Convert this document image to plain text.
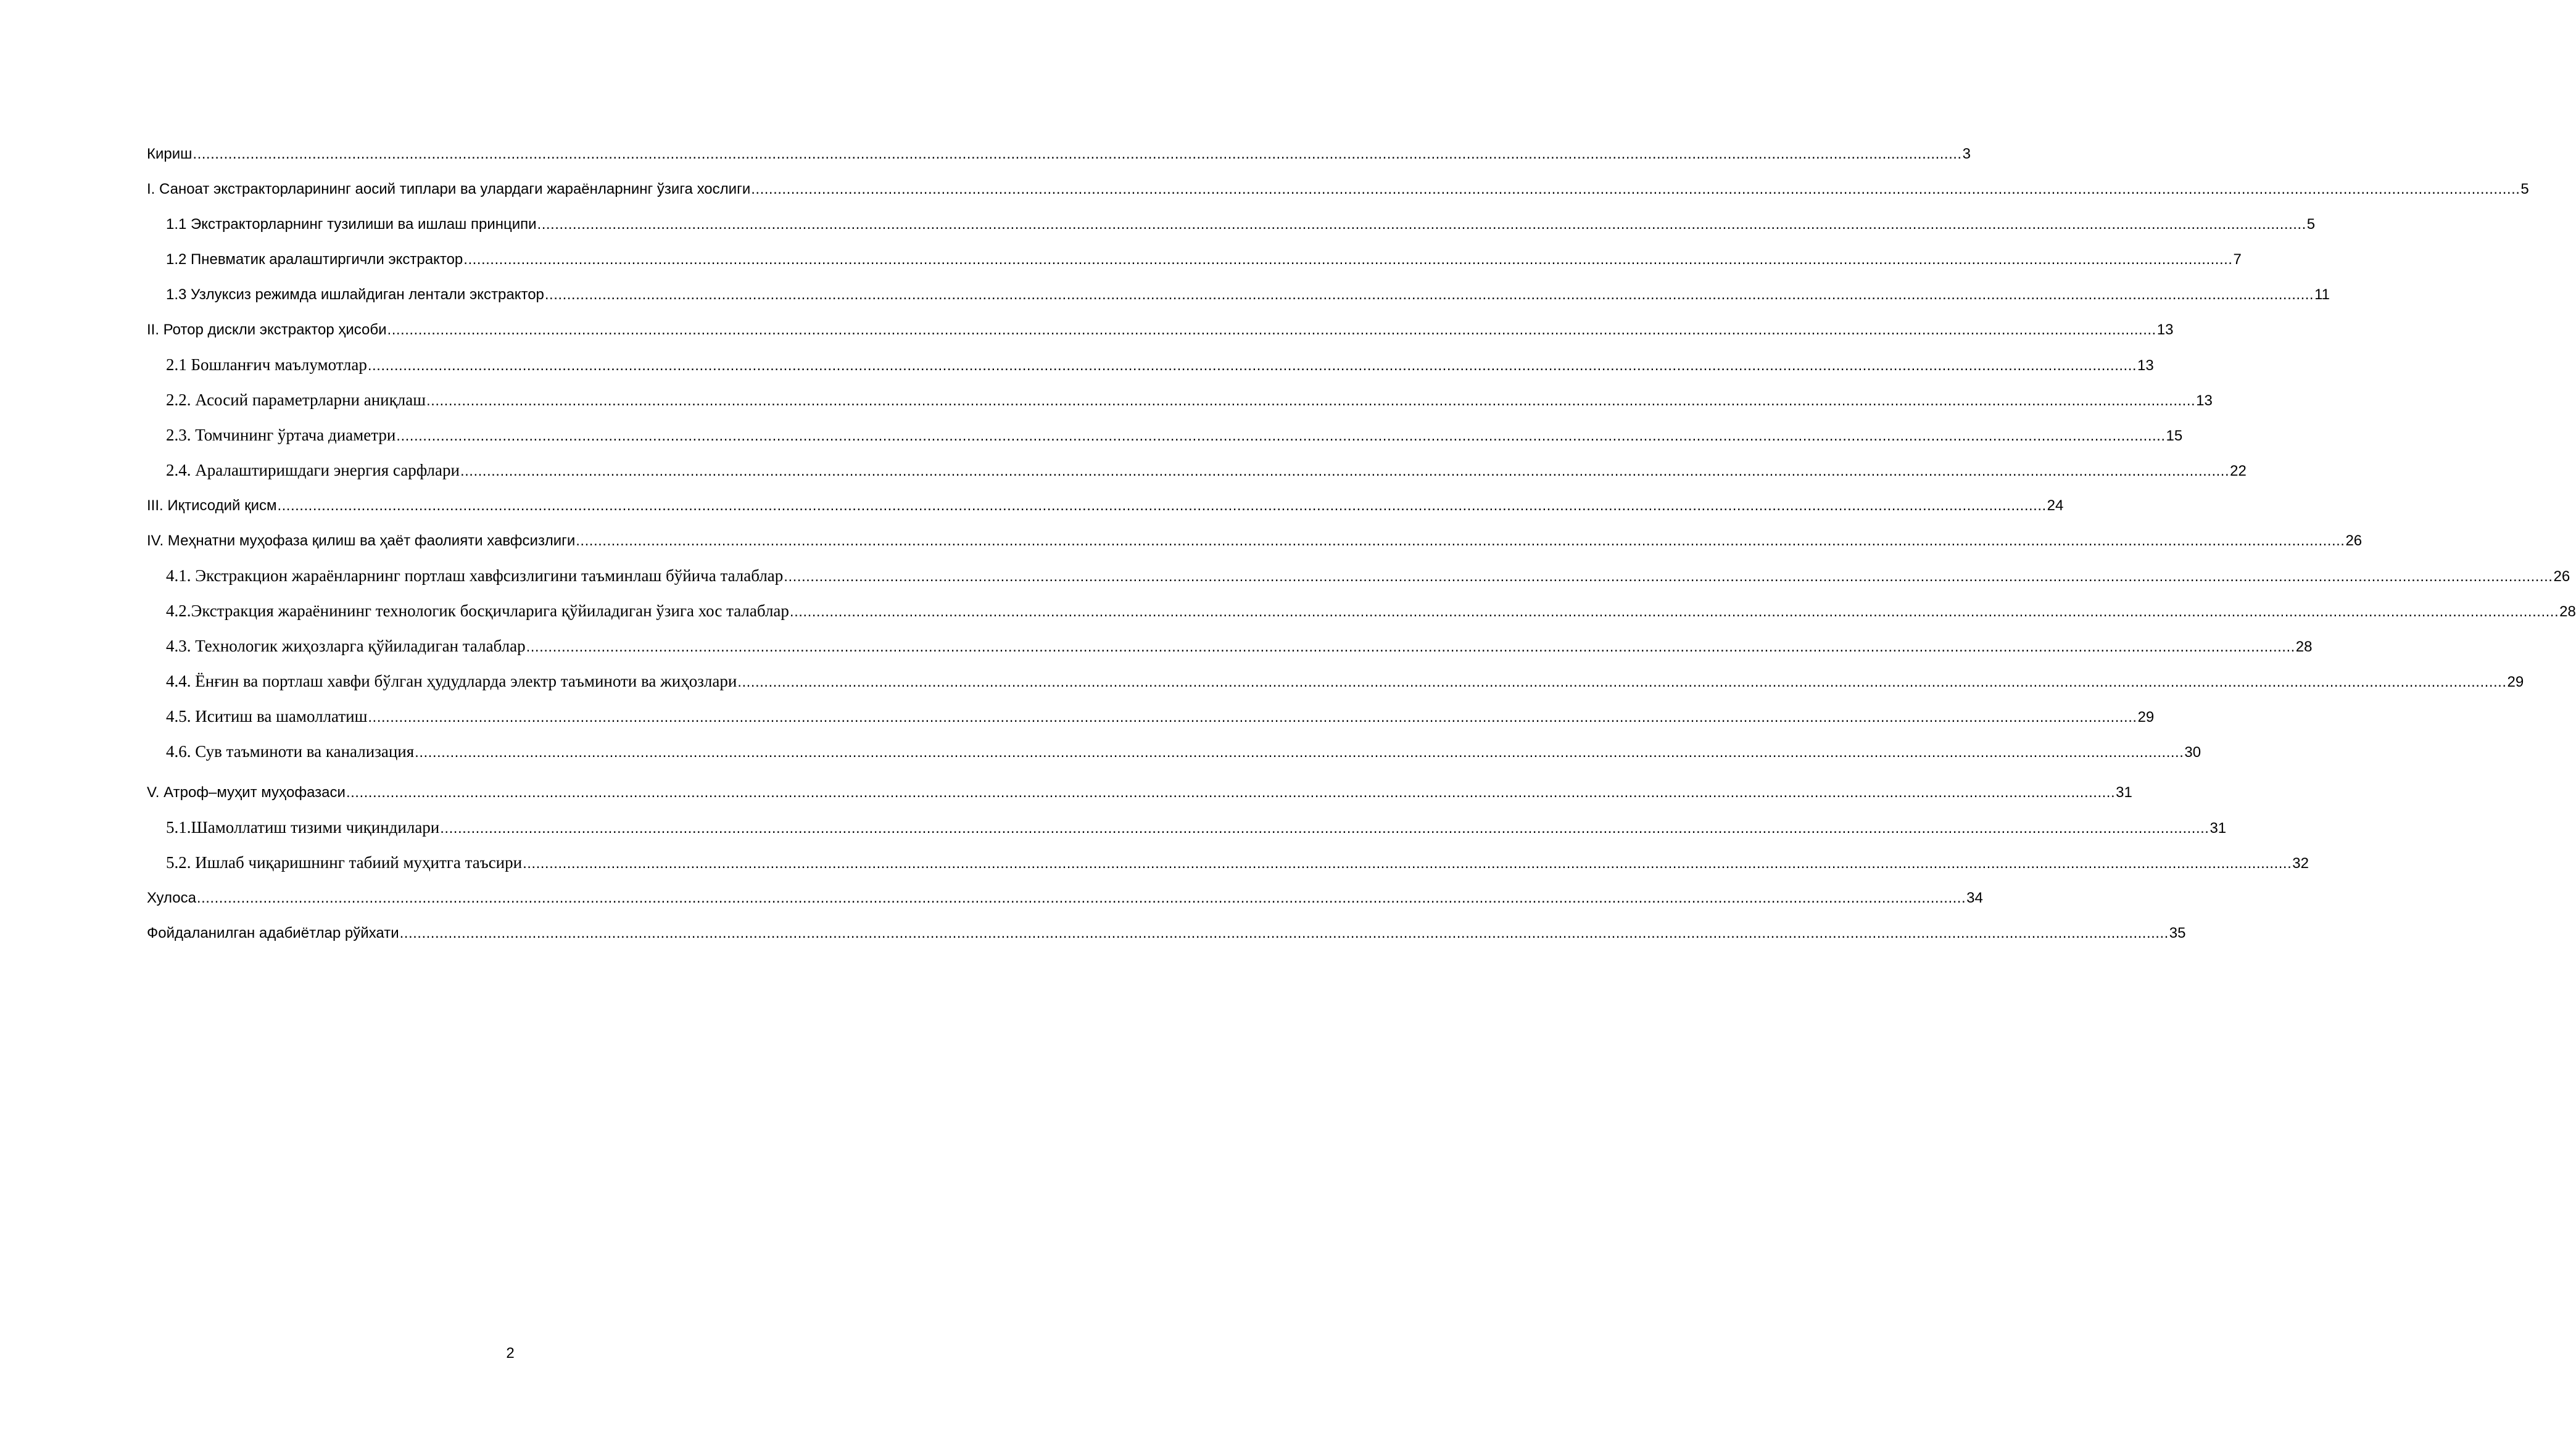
Кириш ................................................................................................................................................................................................................................................................................................................................................................................................................ 3
I. Саноат экстракторларининг аосий типлари ва улардаги жараёнларнинг ўзига хослиги ................................................................................................................................................................................................................................................................................................................................................................................................................ 5
1.1 Экстракторларнинг тузилиши ва ишлаш принципи ................................................................................................................................................................................................................................................................................................................................................................................................................ 5
1.2 Пневматик аралаштиргичли экстрактор ................................................................................................................................................................................................................................................................................................................................................................................................................ 7
1.3 Узлуксиз режимда ишлайдиган лентали экстрактор ................................................................................................................................................................................................................................................................................................................................................................................................................ 11
II. Ротор дискли экстрактор ҳисоби ................................................................................................................................................................................................................................................................................................................................................................................................................ 13
2.1 Бошланғич маълумотлар ................................................................................................................................................................................................................................................................................................................................................................................................................ 13
2.2. Асосий параметрларни аниқлаш ................................................................................................................................................................................................................................................................................................................................................................................................................ 13
2.3. Томчининг ўртача диаметри ................................................................................................................................................................................................................................................................................................................................................................................................................ 15
2.4. Аралаштиришдаги энергия сарфлари ................................................................................................................................................................................................................................................................................................................................................................................................................ 22
III. Иқтисодий қисм ................................................................................................................................................................................................................................................................................................................................................................................................................ 24
IV. Меҳнатни муҳофаза қилиш ва ҳаёт фаолияти хавфсизлиги ................................................................................................................................................................................................................................................................................................................................................................................................................ 26
4.1. Экстракцион жараёнларнинг портлаш хавфсизлигини таъминлаш бўйича талаблар ................................................................................................................................................................................................................................................................................................................................................................................................................ 26
4.2.Экстракция жараёнининг технологик босқичларига қўйиладиган ўзига хос талаблар ................................................................................................................................................................................................................................................................................................................................................................................................................ 28
4.3. Технологик жиҳозларга қўйиладиган талаблар ................................................................................................................................................................................................................................................................................................................................................................................................................ 28
4.4. Ёнғин ва портлаш хавфи бўлган ҳудудларда электр таъминоти ва жиҳозлари ................................................................................................................................................................................................................................................................................................................................................................................................................ 29
4.5. Иситиш ва шамоллатиш ................................................................................................................................................................................................................................................................................................................................................................................................................ 29
4.6. Сув таъминоти ва канализация ................................................................................................................................................................................................................................................................................................................................................................................................................ 30
V. Атроф–муҳит муҳофазаси ................................................................................................................................................................................................................................................................................................................................................................................................................ 31
5.1.Шамоллатиш тизими чиқиндилари ................................................................................................................................................................................................................................................................................................................................................................................................................ 31
5.2. Ишлаб чиқаришнинг табиий муҳитга таъсири ................................................................................................................................................................................................................................................................................................................................................................................................................ 32
Хулоса ................................................................................................................................................................................................................................................................................................................................................................................................................ 34
Фойдаланилган адабиётлар рўйхати ................................................................................................................................................................................................................................................................................................................................................................................................................ 35
2
